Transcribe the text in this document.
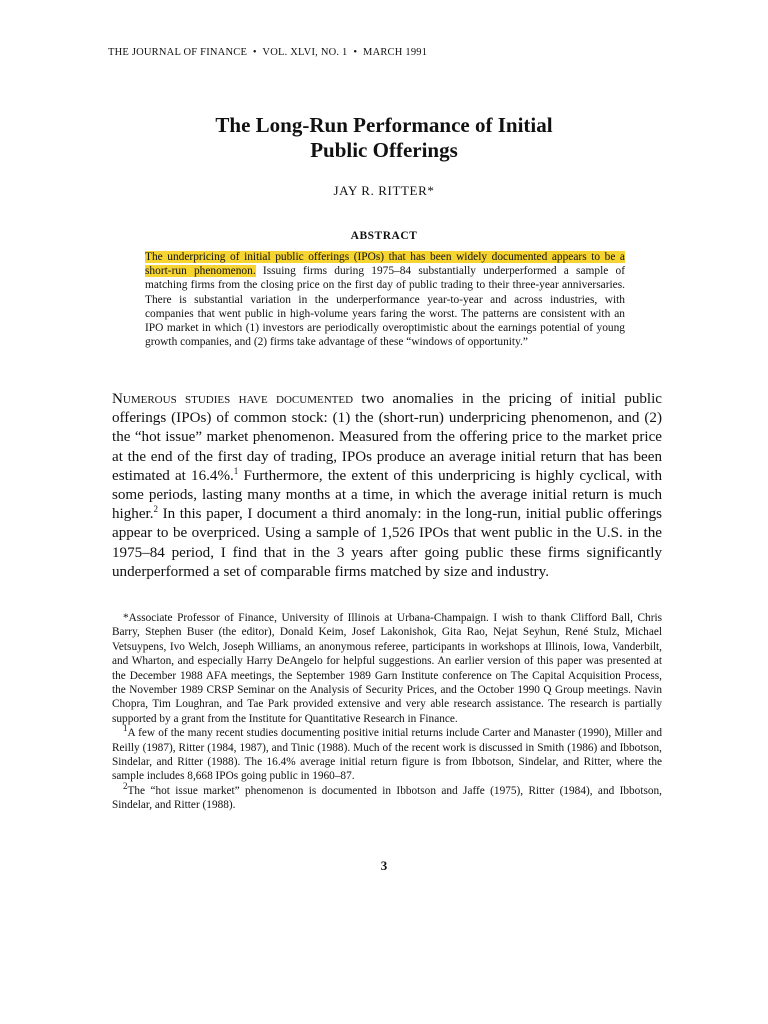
THE JOURNAL OF FINANCE • VOL. XLVI, NO. 1 • MARCH 1991
The Long-Run Performance of Initial
Public Offerings
JAY R. RITTER*
ABSTRACT
The underpricing of initial public offerings (IPOs) that has been widely documented appears to be a short-run phenomenon. Issuing firms during 1975–84 substantially underperformed a sample of matching firms from the closing price on the first day of public trading to their three-year anniversaries. There is substantial variation in the underperformance year-to-year and across industries, with companies that went public in high-volume years faring the worst. The patterns are consistent with an IPO market in which (1) investors are periodically overoptimistic about the earnings potential of young growth companies, and (2) firms take advantage of these “windows of opportunity.”
Numerous studies have documented two anomalies in the pricing of initial public offerings (IPOs) of common stock: (1) the (short-run) underpricing phenomenon, and (2) the “hot issue” market phenomenon. Measured from the offering price to the market price at the end of the first day of trading, IPOs produce an average initial return that has been estimated at 16.4%.$^1$ Furthermore, the extent of this underpricing is highly cyclical, with some periods, lasting many months at a time, in which the average initial return is much higher.$^2$ In this paper, I document a third anomaly: in the long-run, initial public offerings appear to be overpriced. Using a sample of 1,526 IPOs that went public in the U.S. in the 1975–84 period, I find that in the 3 years after going public these firms significantly underperformed a set of comparable firms matched by size and industry.

*Associate Professor of Finance, University of Illinois at Urbana-Champaign. I wish to thank Clifford Ball, Chris Barry, Stephen Buser (the editor), Donald Keim, Josef Lakonishok, Gita Rao, Nejat Seyhun, René Stulz, Michael Vetsuypens, Ivo Welch, Joseph Williams, an anonymous referee, participants in workshops at Illinois, Iowa, Vanderbilt, and Wharton, and especially Harry DeAngelo for helpful suggestions. An earlier version of this paper was presented at the December 1988 AFA meetings, the September 1989 Garn Institute conference on The Capital Acquisition Process, the November 1989 CRSP Seminar on the Analysis of Security Prices, and the October 1990 Q Group meetings. Navin Chopra, Tim Loughran, and Tae Park provided extensive and very able research assistance. The research is partially supported by a grant from the Institute for Quantitative Research in Finance.

$^1$A few of the many recent studies documenting positive initial returns include Carter and Manaster (1990), Miller and Reilly (1987), Ritter (1984, 1987), and Tinic (1988). Much of the recent work is discussed in Smith (1986) and Ibbotson, Sindelar, and Ritter (1988). The 16.4% average initial return figure is from Ibbotson, Sindelar, and Ritter, where the sample includes 8,668 IPOs going public in 1960–87.

$^2$The “hot issue market” phenomenon is documented in Ibbotson and Jaffe (1975), Ritter (1984), and Ibbotson, Sindelar, and Ritter (1988).

3
